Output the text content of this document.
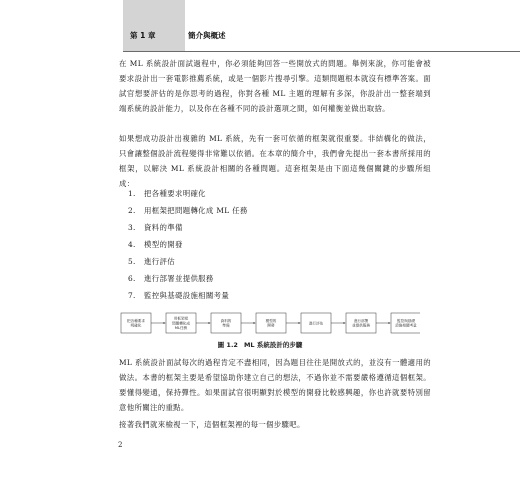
第 1 章	簡介與概述

在 ML 系統設計面試過程中，你必須能夠回答一些開放式的問題。舉例來說，你可能會被要求設計出一套電影推薦系統，或是一個影片搜尋引擎。這類問題根本就沒有標準答案。面試官想要評估的是你思考的過程，你對各種 ML 主題的理解有多深，你設計出一整套端到端系統的設計能力，以及你在各種不同的設計選項之間，如何權衡並做出取捨。

如果想成功設計出複雜的 ML 系統，先有一套可依循的框架就很重要。非結構化的做法，只會讓整個設計流程變得非常難以依循。在本章的簡介中，我們會先提出一套本書所採用的框架，以解決 ML 系統設計相關的各種問題。這套框架是由下面這幾個關鍵的步驟所組成：

1. 把各種要求明確化
2. 用框架把問題轉化成 ML 任務
3. 資料的準備
4. 模型的開發
5. 進行評估
6. 進行部署並提供服務
7. 監控與基礎設施相關考量
把各種要求
明確化
用框架把
問題轉化成
ML任務
資料的
準備
模型的
開發
進行評估
進行部署
並提供服務
監控與基礎
設施相關考量
圖 1.2 ML 系統設計的步驟

ML 系統設計面試每次的過程肯定不盡相同，因為題目往往是開放式的，並沒有一體適用的做法。本書的框架主要是希望協助你建立自己的想法，不過你並不需要嚴格遵循這個框架。要懂得變通，保持彈性。如果面試官很明顯對於模型的開發比較感興趣，你也許就要特別留意他所關注的重點。

接著我們就來檢視一下，這個框架裡的每一個步驟吧。

2
